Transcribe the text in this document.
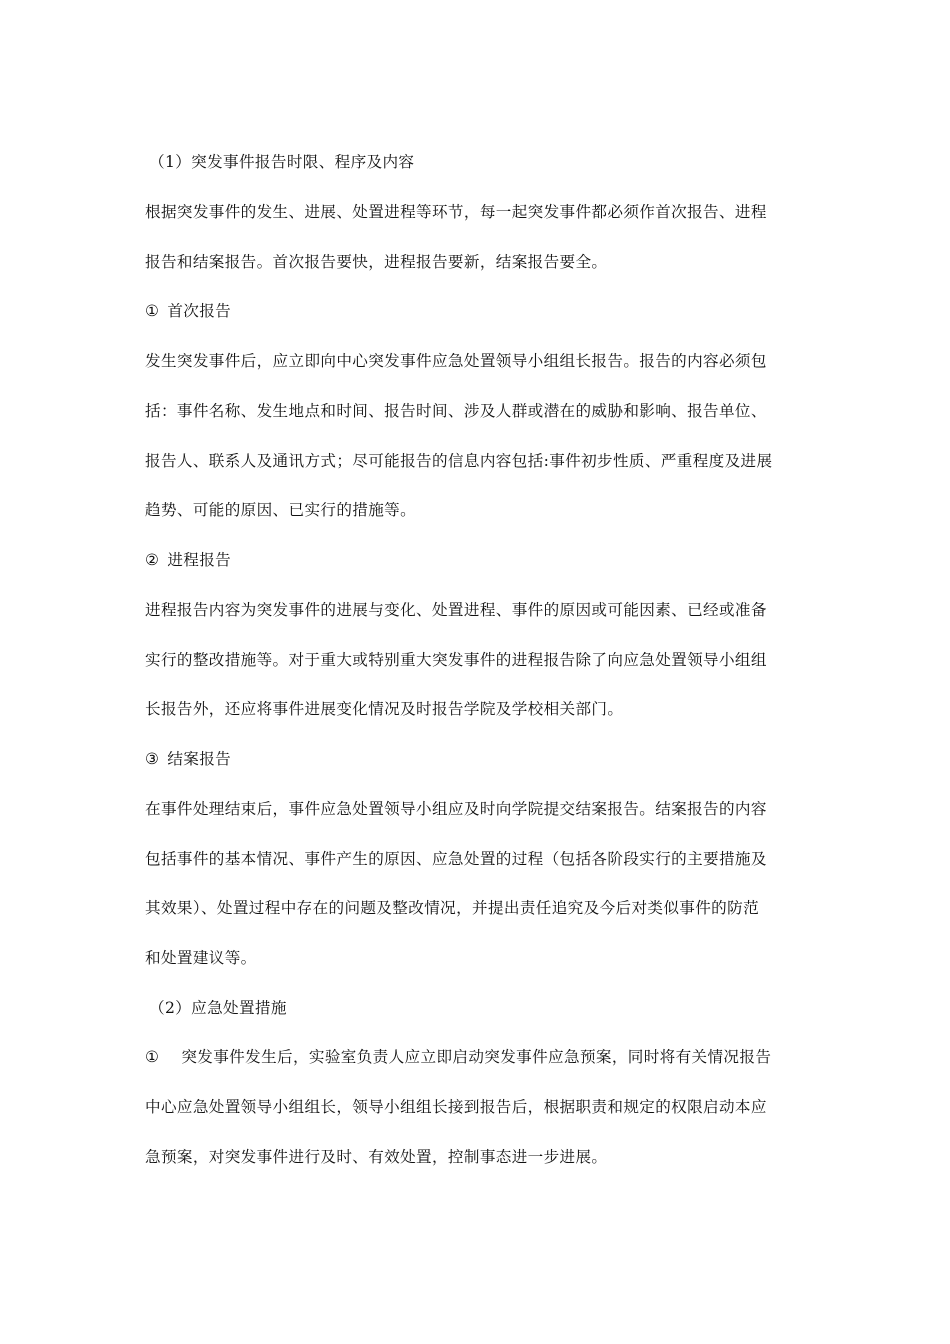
（1）突发事件报告时限、程序及内容
根据突发事件的发生、进展、处置进程等环节，每一起突发事件都必须作首次报告、进程
报告和结案报告。首次报告要快，进程报告要新，结案报告要全。
① 首次报告
发生突发事件后，应立即向中心突发事件应急处置领导小组组长报告。报告的内容必须包
括：事件名称、发生地点和时间、报告时间、涉及人群或潜在的威胁和影响、报告单位、
报告人、联系人及通讯方式；尽可能报告的信息内容包括:事件初步性质、严重程度及进展
趋势、可能的原因、已实行的措施等。
② 进程报告
进程报告内容为突发事件的进展与变化、处置进程、事件的原因或可能因素、已经或准备
实行的整改措施等。对于重大或特别重大突发事件的进程报告除了向应急处置领导小组组
长报告外，还应将事件进展变化情况及时报告学院及学校相关部门。
③ 结案报告
在事件处理结束后，事件应急处置领导小组应及时向学院提交结案报告。结案报告的内容
包括事件的基本情况、事件产生的原因、应急处置的过程（包括各阶段实行的主要措施及
其效果）、处置过程中存在的问题及整改情况，并提出责任追究及今后对类似事件的防范
和处置建议等。
（2）应急处置措施
① 突发事件发生后，实验室负责人应立即启动突发事件应急预案，同时将有关情况报告
中心应急处置领导小组组长，领导小组组长接到报告后，根据职责和规定的权限启动本应
急预案，对突发事件进行及时、有效处置，控制事态进一步进展。
